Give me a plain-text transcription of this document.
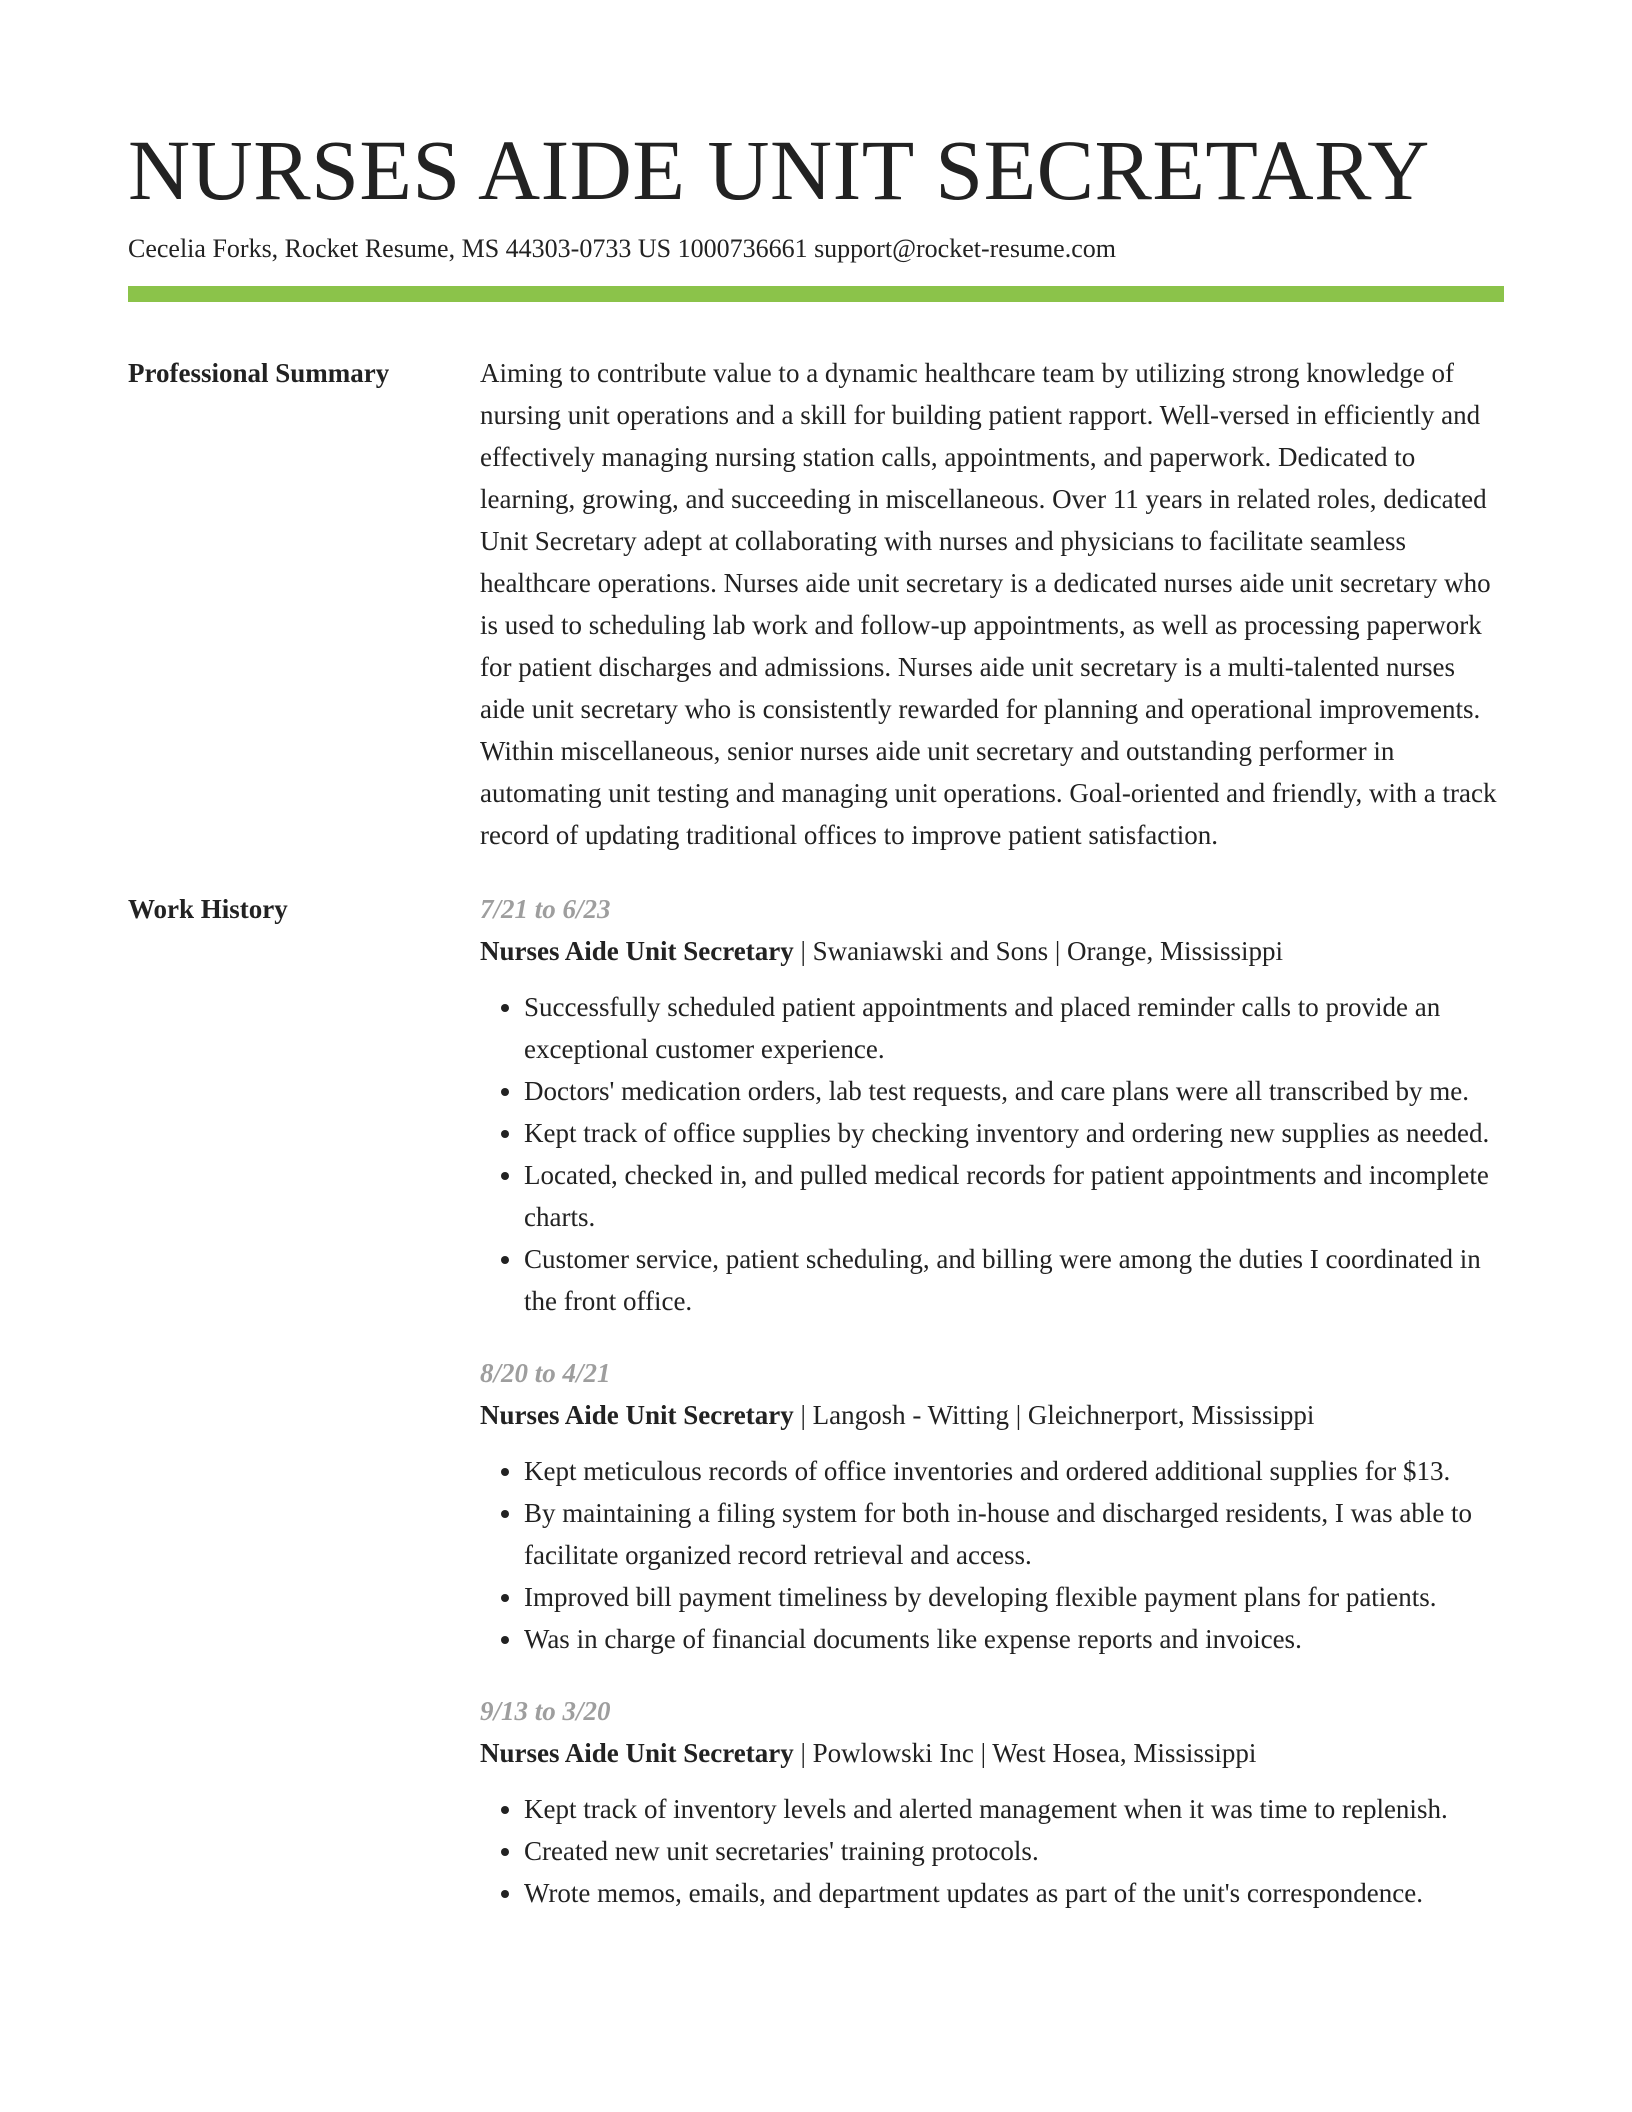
NURSES AIDE UNIT SECRETARY
Cecelia Forks, Rocket Resume, MS 44303-0733 US 1000736661 support@rocket-resume.com
Professional Summary	Aiming to contribute value to a dynamic healthcare team by utilizing strong knowledge of nursing unit operations and a skill for building patient rapport. Well-versed in efficiently and effectively managing nursing station calls, appointments, and paperwork. Dedicated to learning, growing, and succeeding in miscellaneous. Over 11 years in related roles, dedicated Unit Secretary adept at collaborating with nurses and physicians to facilitate seamless healthcare operations. Nurses aide unit secretary is a dedicated nurses aide unit secretary who is used to scheduling lab work and follow-up appointments, as well as processing paperwork for patient discharges and admissions. Nurses aide unit secretary is a multi-talented nurses aide unit secretary who is consistently rewarded for planning and operational improvements. Within miscellaneous, senior nurses aide unit secretary and outstanding performer in automating unit testing and managing unit operations. Goal-oriented and friendly, with a track record of updating traditional offices to improve patient satisfaction.

Work History	7/21 to 6/23
Nurses Aide Unit Secretary | Swaniawski and Sons | Orange, Mississippi
• Successfully scheduled patient appointments and placed reminder calls to provide an exceptional customer experience.
• Doctors' medication orders, lab test requests, and care plans were all transcribed by me.
• Kept track of office supplies by checking inventory and ordering new supplies as needed.
• Located, checked in, and pulled medical records for patient appointments and incomplete charts.
• Customer service, patient scheduling, and billing were among the duties I coordinated in the front office.
8/20 to 4/21
Nurses Aide Unit Secretary | Langosh - Witting | Gleichnerport, Mississippi
• Kept meticulous records of office inventories and ordered additional supplies for $13.
• By maintaining a filing system for both in-house and discharged residents, I was able to facilitate organized record retrieval and access.
• Improved bill payment timeliness by developing flexible payment plans for patients.
• Was in charge of financial documents like expense reports and invoices.
9/13 to 3/20
Nurses Aide Unit Secretary | Powlowski Inc | West Hosea, Mississippi
• Kept track of inventory levels and alerted management when it was time to replenish.
• Created new unit secretaries' training protocols.
• Wrote memos, emails, and department updates as part of the unit's correspondence.
